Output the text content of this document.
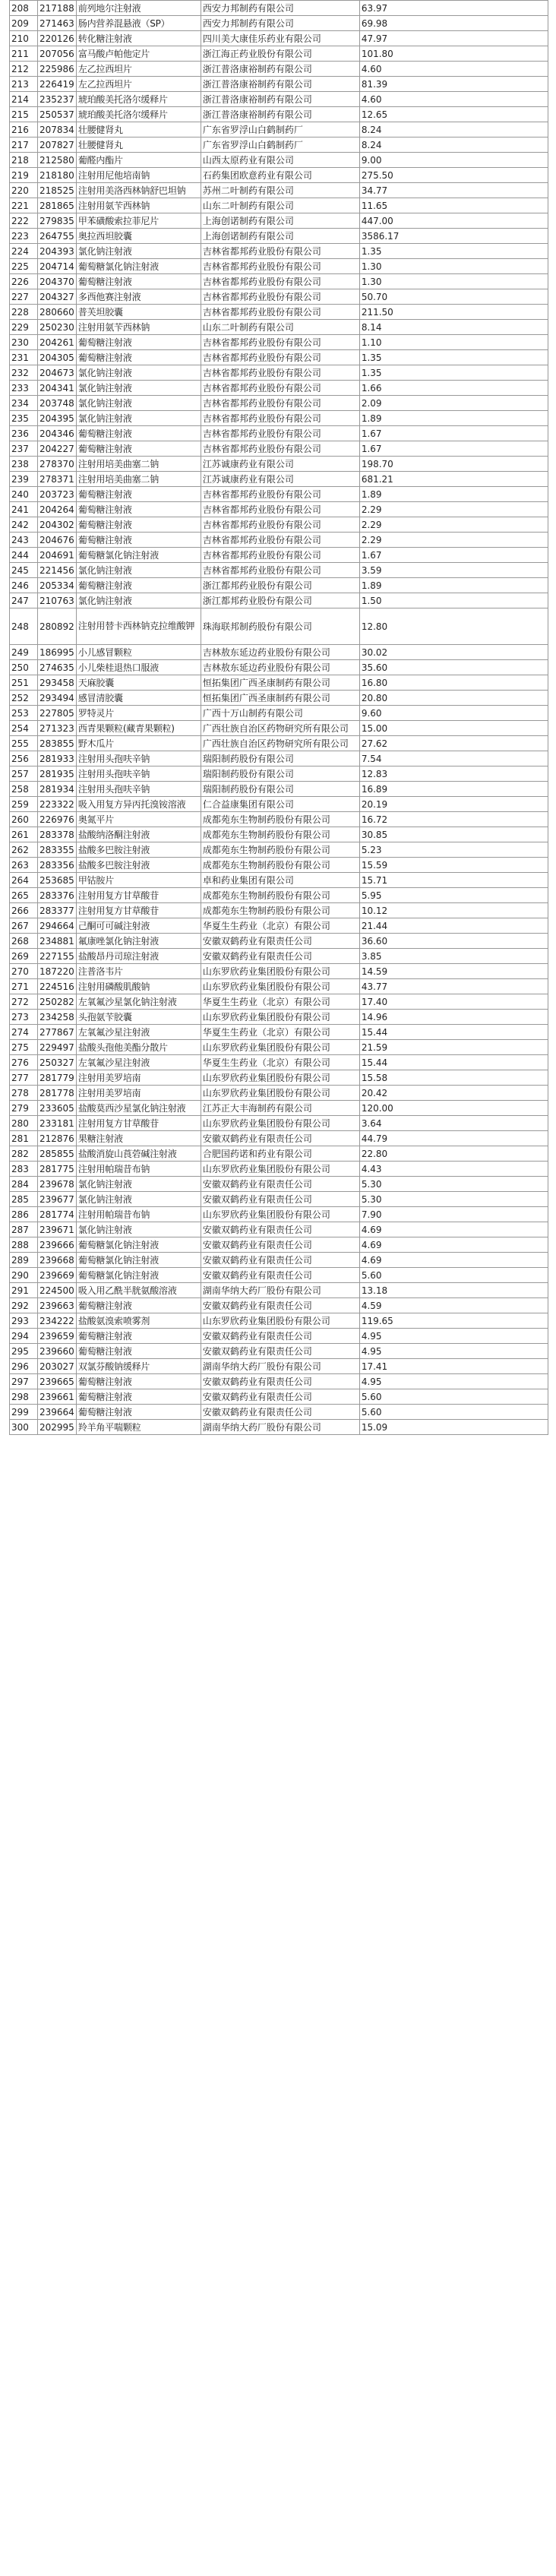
208	217188	前列地尔注射液	西安力邦制药有限公司	63.97
209	271463	肠内营养混悬液（SP）	西安力邦制药有限公司	69.98
210	220126	转化糖注射液	四川美大康佳乐药业有限公司	47.97
211	207056	富马酸卢帕他定片	浙江海正药业股份有限公司	101.80
212	225986	左乙拉西坦片	浙江普洛康裕制药有限公司	4.60
213	226419	左乙拉西坦片	浙江普洛康裕制药有限公司	81.39
214	235237	琥珀酸美托洛尔缓释片	浙江普洛康裕制药有限公司	4.60
215	250537	琥珀酸美托洛尔缓释片	浙江普洛康裕制药有限公司	12.65
216	207834	壮腰健肾丸	广东省罗浮山白鹤制药厂	8.24
217	207827	壮腰健肾丸	广东省罗浮山白鹤制药厂	8.24
218	212580	葡醛内酯片	山西太原药业有限公司	9.00
219	218180	注射用尼他培南钠	石药集团欧意药业有限公司	275.50
220	218525	注射用美洛西林钠舒巴坦钠	苏州二叶制药有限公司	34.77
221	281865	注射用氨苄西林钠	山东二叶制药有限公司	11.65
222	279835	甲苯磺酸索拉菲尼片	上海创诺制药有限公司	447.00
223	264755	奥拉西坦胶囊	上海创诺制药有限公司	3586.17
224	204393	氯化钠注射液	吉林省都邦药业股份有限公司	1.35
225	204714	葡萄糖氯化钠注射液	吉林省都邦药业股份有限公司	1.30
226	204370	葡萄糖注射液	吉林省都邦药业股份有限公司	1.30
227	204327	多西他赛注射液	吉林省都邦药业股份有限公司	50.70
228	280660	普芙坦胶囊	吉林省都邦药业股份有限公司	211.50
229	250230	注射用氨苄西林钠	山东二叶制药有限公司	8.14
230	204261	葡萄糖注射液	吉林省都邦药业股份有限公司	1.10
231	204305	葡萄糖注射液	吉林省都邦药业股份有限公司	1.35
232	204673	氯化钠注射液	吉林省都邦药业股份有限公司	1.35
233	204341	氯化钠注射液	吉林省都邦药业股份有限公司	1.66
234	203748	氯化钠注射液	吉林省都邦药业股份有限公司	2.09
235	204395	氯化钠注射液	吉林省都邦药业股份有限公司	1.89
236	204346	葡萄糖注射液	吉林省都邦药业股份有限公司	1.67
237	204227	葡萄糖注射液	吉林省都邦药业股份有限公司	1.67
238	278370	注射用培美曲塞二钠	江苏诚康药业有限公司	198.70
239	278371	注射用培美曲塞二钠	江苏诚康药业有限公司	681.21
240	203723	葡萄糖注射液	吉林省都邦药业股份有限公司	1.89
241	204264	葡萄糖注射液	吉林省都邦药业股份有限公司	2.29
242	204302	葡萄糖注射液	吉林省都邦药业股份有限公司	2.29
243	204676	葡萄糖注射液	吉林省都邦药业股份有限公司	2.29
244	204691	葡萄糖氯化钠注射液	吉林省都邦药业股份有限公司	1.67
245	221456	氯化钠注射液	吉林省都邦药业股份有限公司	3.59
246	205334	葡萄糖注射液	浙江都邦药业股份有限公司	1.89
247	210763	氯化钠注射液	浙江都邦药业股份有限公司	1.50
248	280892	注射用替卡西林钠克拉维酸钾	珠海联邦制药股份有限公司	12.80
249	186995	小儿感冒颗粒	吉林敖东延边药业股份有限公司	30.02
250	274635	小儿柴桂退热口服液	吉林敖东延边药业股份有限公司	35.60
251	293458	天麻胶囊	恒拓集团广西圣康制药有限公司	16.80
252	293494	感冒清胶囊	恒拓集团广西圣康制药有限公司	20.80
253	227805	罗特灵片	广西十万山制药有限公司	9.60
254	271323	西青果颗粒(藏青果颗粒)	广西壮族自治区药物研究所有限公司	15.00
255	283855	野木瓜片	广西壮族自治区药物研究所有限公司	27.62
256	281933	注射用头孢呋辛钠	瑞阳制药股份有限公司	7.54
257	281935	注射用头孢呋辛钠	瑞阳制药股份有限公司	12.83
258	281934	注射用头孢呋辛钠	瑞阳制药股份有限公司	16.89
259	223322	吸入用复方异丙托溴铵溶液	仁合益康集团有限公司	20.19
260	226976	奥氮平片	成都苑东生物制药股份有限公司	16.72
261	283378	盐酸纳洛酮注射液	成都苑东生物制药股份有限公司	30.85
262	283355	盐酸多巴胺注射液	成都苑东生物制药股份有限公司	5.23
263	283356	盐酸多巴胺注射液	成都苑东生物制药股份有限公司	15.59
264	253685	甲钴胺片	卓和药业集团有限公司	15.71
265	283376	注射用复方甘草酸苷	成都苑东生物制药股份有限公司	5.95
266	283377	注射用复方甘草酸苷	成都苑东生物制药股份有限公司	10.12
267	294664	己酮可可碱注射液	华夏生生药业（北京）有限公司	21.44
268	234881	氟康唑氯化钠注射液	安徽双鹤药业有限责任公司	36.60
269	227155	盐酸昂丹司琼注射液	安徽双鹤药业有限责任公司	3.85
270	187220	注普洛韦片	山东罗欣药业集团股份有限公司	14.59
271	224516	注射用磷酸肌酸钠	山东罗欣药业集团股份有限公司	43.77
272	250282	左氧氟沙星氯化钠注射液	华夏生生药业（北京）有限公司	17.40
273	234258	头孢氨苄胶囊	山东罗欣药业集团股份有限公司	14.96
274	277867	左氧氟沙星注射液	华夏生生药业（北京）有限公司	15.44
275	229497	盐酸头孢他美酯分散片	山东罗欣药业集团股份有限公司	21.59
276	250327	左氧氟沙星注射液	华夏生生药业（北京）有限公司	15.44
277	281779	注射用美罗培南	山东罗欣药业集团股份有限公司	15.58
278	281778	注射用美罗培南	山东罗欣药业集团股份有限公司	20.42
279	233605	盐酸莫西沙星氯化钠注射液	江苏正大丰海制药有限公司	120.00
280	233181	注射用复方甘草酸苷	山东罗欣药业集团股份有限公司	3.64
281	212876	果糖注射液	安徽双鹤药业有限责任公司	44.79
282	285855	盐酸消旋山莨菪碱注射液	合肥国药诺和药业有限公司	22.80
283	281775	注射用帕瑞昔布钠	山东罗欣药业集团股份有限公司	4.43
284	239678	氯化钠注射液	安徽双鹤药业有限责任公司	5.30
285	239677	氯化钠注射液	安徽双鹤药业有限责任公司	5.30
286	281774	注射用帕瑞昔布钠	山东罗欣药业集团股份有限公司	7.90
287	239671	氯化钠注射液	安徽双鹤药业有限责任公司	4.69
288	239666	葡萄糖氯化钠注射液	安徽双鹤药业有限责任公司	4.69
289	239668	葡萄糖氯化钠注射液	安徽双鹤药业有限责任公司	4.69
290	239669	葡萄糖氯化钠注射液	安徽双鹤药业有限责任公司	5.60
291	224500	吸入用乙酰半胱氨酸溶液	湖南华纳大药厂股份有限公司	13.18
292	239663	葡萄糖注射液	安徽双鹤药业有限责任公司	4.59
293	234222	盐酸氨溴索喷雾剂	山东罗欣药业集团股份有限公司	119.65
294	239659	葡萄糖注射液	安徽双鹤药业有限责任公司	4.95
295	239660	葡萄糖注射液	安徽双鹤药业有限责任公司	4.95
296	203027	双氯芬酸钠缓释片	湖南华纳大药厂股份有限公司	17.41
297	239665	葡萄糖注射液	安徽双鹤药业有限责任公司	4.95
298	239661	葡萄糖注射液	安徽双鹤药业有限责任公司	5.60
299	239664	葡萄糖注射液	安徽双鹤药业有限责任公司	5.60
300	202995	羚羊角平喘颗粒	湖南华纳大药厂股份有限公司	15.09
